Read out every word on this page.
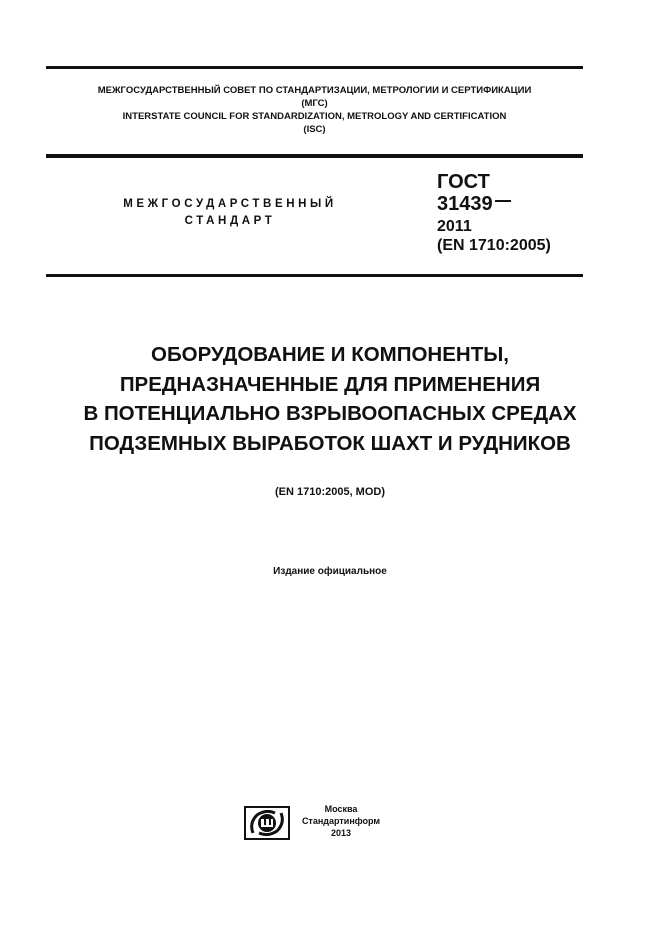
МЕЖГОСУДАРСТВЕННЫЙ СОВЕТ ПО СТАНДАРТИЗАЦИИ, МЕТРОЛОГИИ И СЕРТИФИКАЦИИ
(МГС)
INTERSTATE COUNCIL FOR STANDARDIZATION, METROLOGY AND CERTIFICATION
(ISC)
МЕЖГОСУДАРСТВЕННЫЙ
СТАНДАРТ
ГОСТ
31439
2011
(EN 1710:2005)
ОБОРУДОВАНИЕ И КОМПОНЕНТЫ,
ПРЕДНАЗНАЧЕННЫЕ ДЛЯ ПРИМЕНЕНИЯ
В ПОТЕНЦИАЛЬНО ВЗРЫВООПАСНЫХ СРЕДАХ
ПОДЗЕМНЫХ ВЫРАБОТОК ШАХТ И РУДНИКОВ
(EN 1710:2005, MOD)
Издание официальное
Москва
Стандартинформ
2013
